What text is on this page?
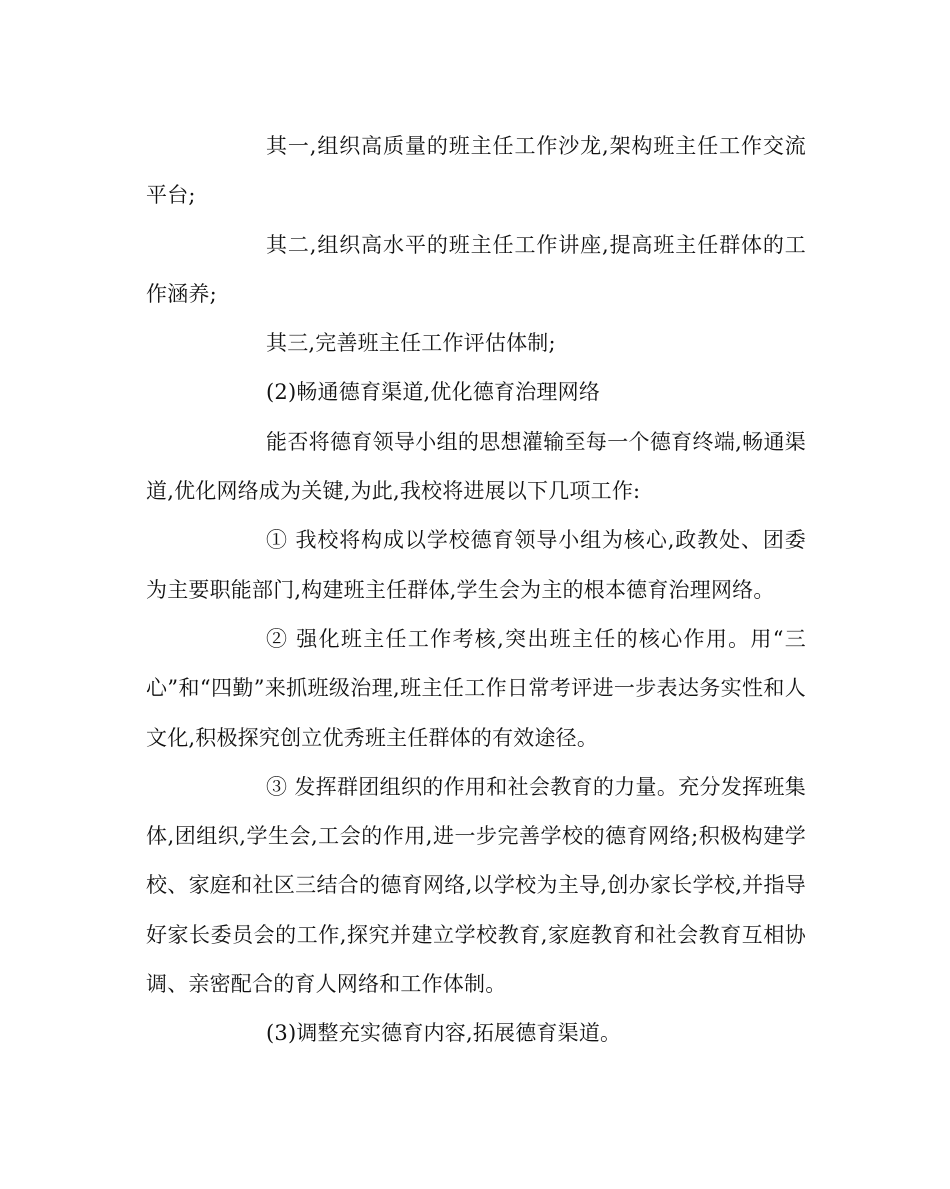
其一,组织高质量的班主任工作沙龙,架构班主任工作交流平台;

其二,组织高水平的班主任工作讲座,提高班主任群体的工作涵养;

其三,完善班主任工作评估体制;

(2)畅通德育渠道,优化德育治理网络

能否将德育领导小组的思想灌输至每一个德育终端,畅通渠道,优化网络成为关键,为此,我校将进展以下几项工作:

① 我校将构成以学校德育领导小组为核心,政教处、团委为主要职能部门,构建班主任群体,学生会为主的根本德育治理网络。

② 强化班主任工作考核,突出班主任的核心作用。用“三心”和“四勤”来抓班级治理,班主任工作日常考评进一步表达务实性和人文化,积极探究创立优秀班主任群体的有效途径。

③ 发挥群团组织的作用和社会教育的力量。充分发挥班集体,团组织,学生会,工会的作用,进一步完善学校的德育网络;积极构建学校、家庭和社区三结合的德育网络,以学校为主导,创办家长学校,并指导好家长委员会的工作,探究并建立学校教育,家庭教育和社会教育互相协调、亲密配合的育人网络和工作体制。

(3)调整充实德育内容,拓展德育渠道。
